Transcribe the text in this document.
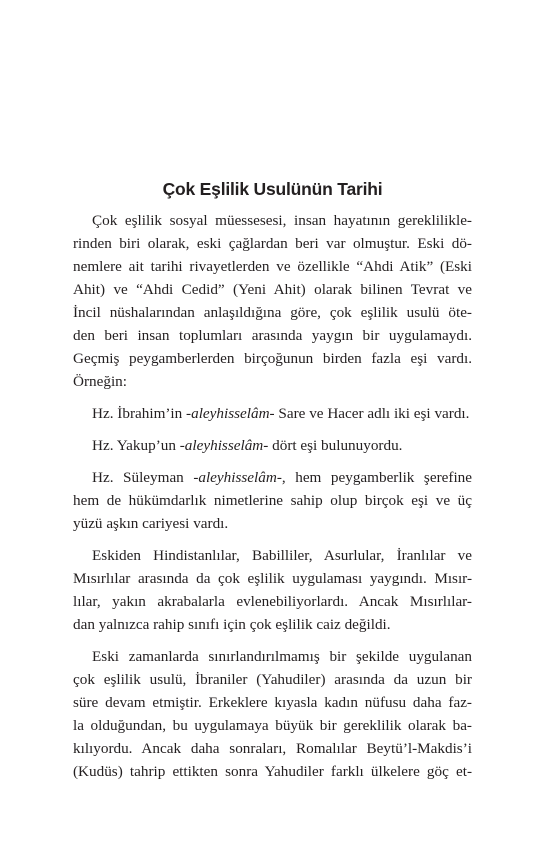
Çok Eşlilik Usulünün Tarihi
Çok eşlilik sosyal müessesesi, insan hayatının gereklilikle-
rinden biri olarak, eski çağlardan beri var olmuştur. Eski dö-
nemlere ait tarihi rivayetlerden ve özellikle “Ahdi Atik” (Eski
Ahit) ve “Ahdi Cedid” (Yeni Ahit) olarak bilinen Tevrat ve
İncil nüshalarından anlaşıldığına göre, çok eşlilik usulü öte-
den beri insan toplumları arasında yaygın bir uygulamaydı.
Geçmiş peygamberlerden birçoğunun birden fazla eşi vardı.
Örneğin:
Hz. İbrahim’in -aleyhisselâm- Sare ve Hacer adlı iki eşi vardı.
Hz. Yakup’un -aleyhisselâm- dört eşi bulunuyordu.
Hz. Süleyman -aleyhisselâm-, hem peygamberlik şerefine
hem de hükümdarlık nimetlerine sahip olup birçok eşi ve üç
yüzü aşkın cariyesi vardı.
Eskiden Hindistanlılar, Babilliler, Asurlular, İranlılar ve
Mısırlılar arasında da çok eşlilik uygulaması yaygındı. Mısır-
lılar, yakın akrabalarla evlenebiliyorlardı. Ancak Mısırlılar-
dan yalnızca rahip sınıfı için çok eşlilik caiz değildi.
Eski zamanlarda sınırlandırılmamış bir şekilde uygulanan
çok eşlilik usulü, İbraniler (Yahudiler) arasında da uzun bir
süre devam etmiştir. Erkeklere kıyasla kadın nüfusu daha faz-
la olduğundan, bu uygulamaya büyük bir gereklilik olarak ba-
kılıyordu. Ancak daha sonraları, Romalılar Beytü’l-Makdis’i
(Kudüs) tahrip ettikten sonra Yahudiler farklı ülkelere göç et-
